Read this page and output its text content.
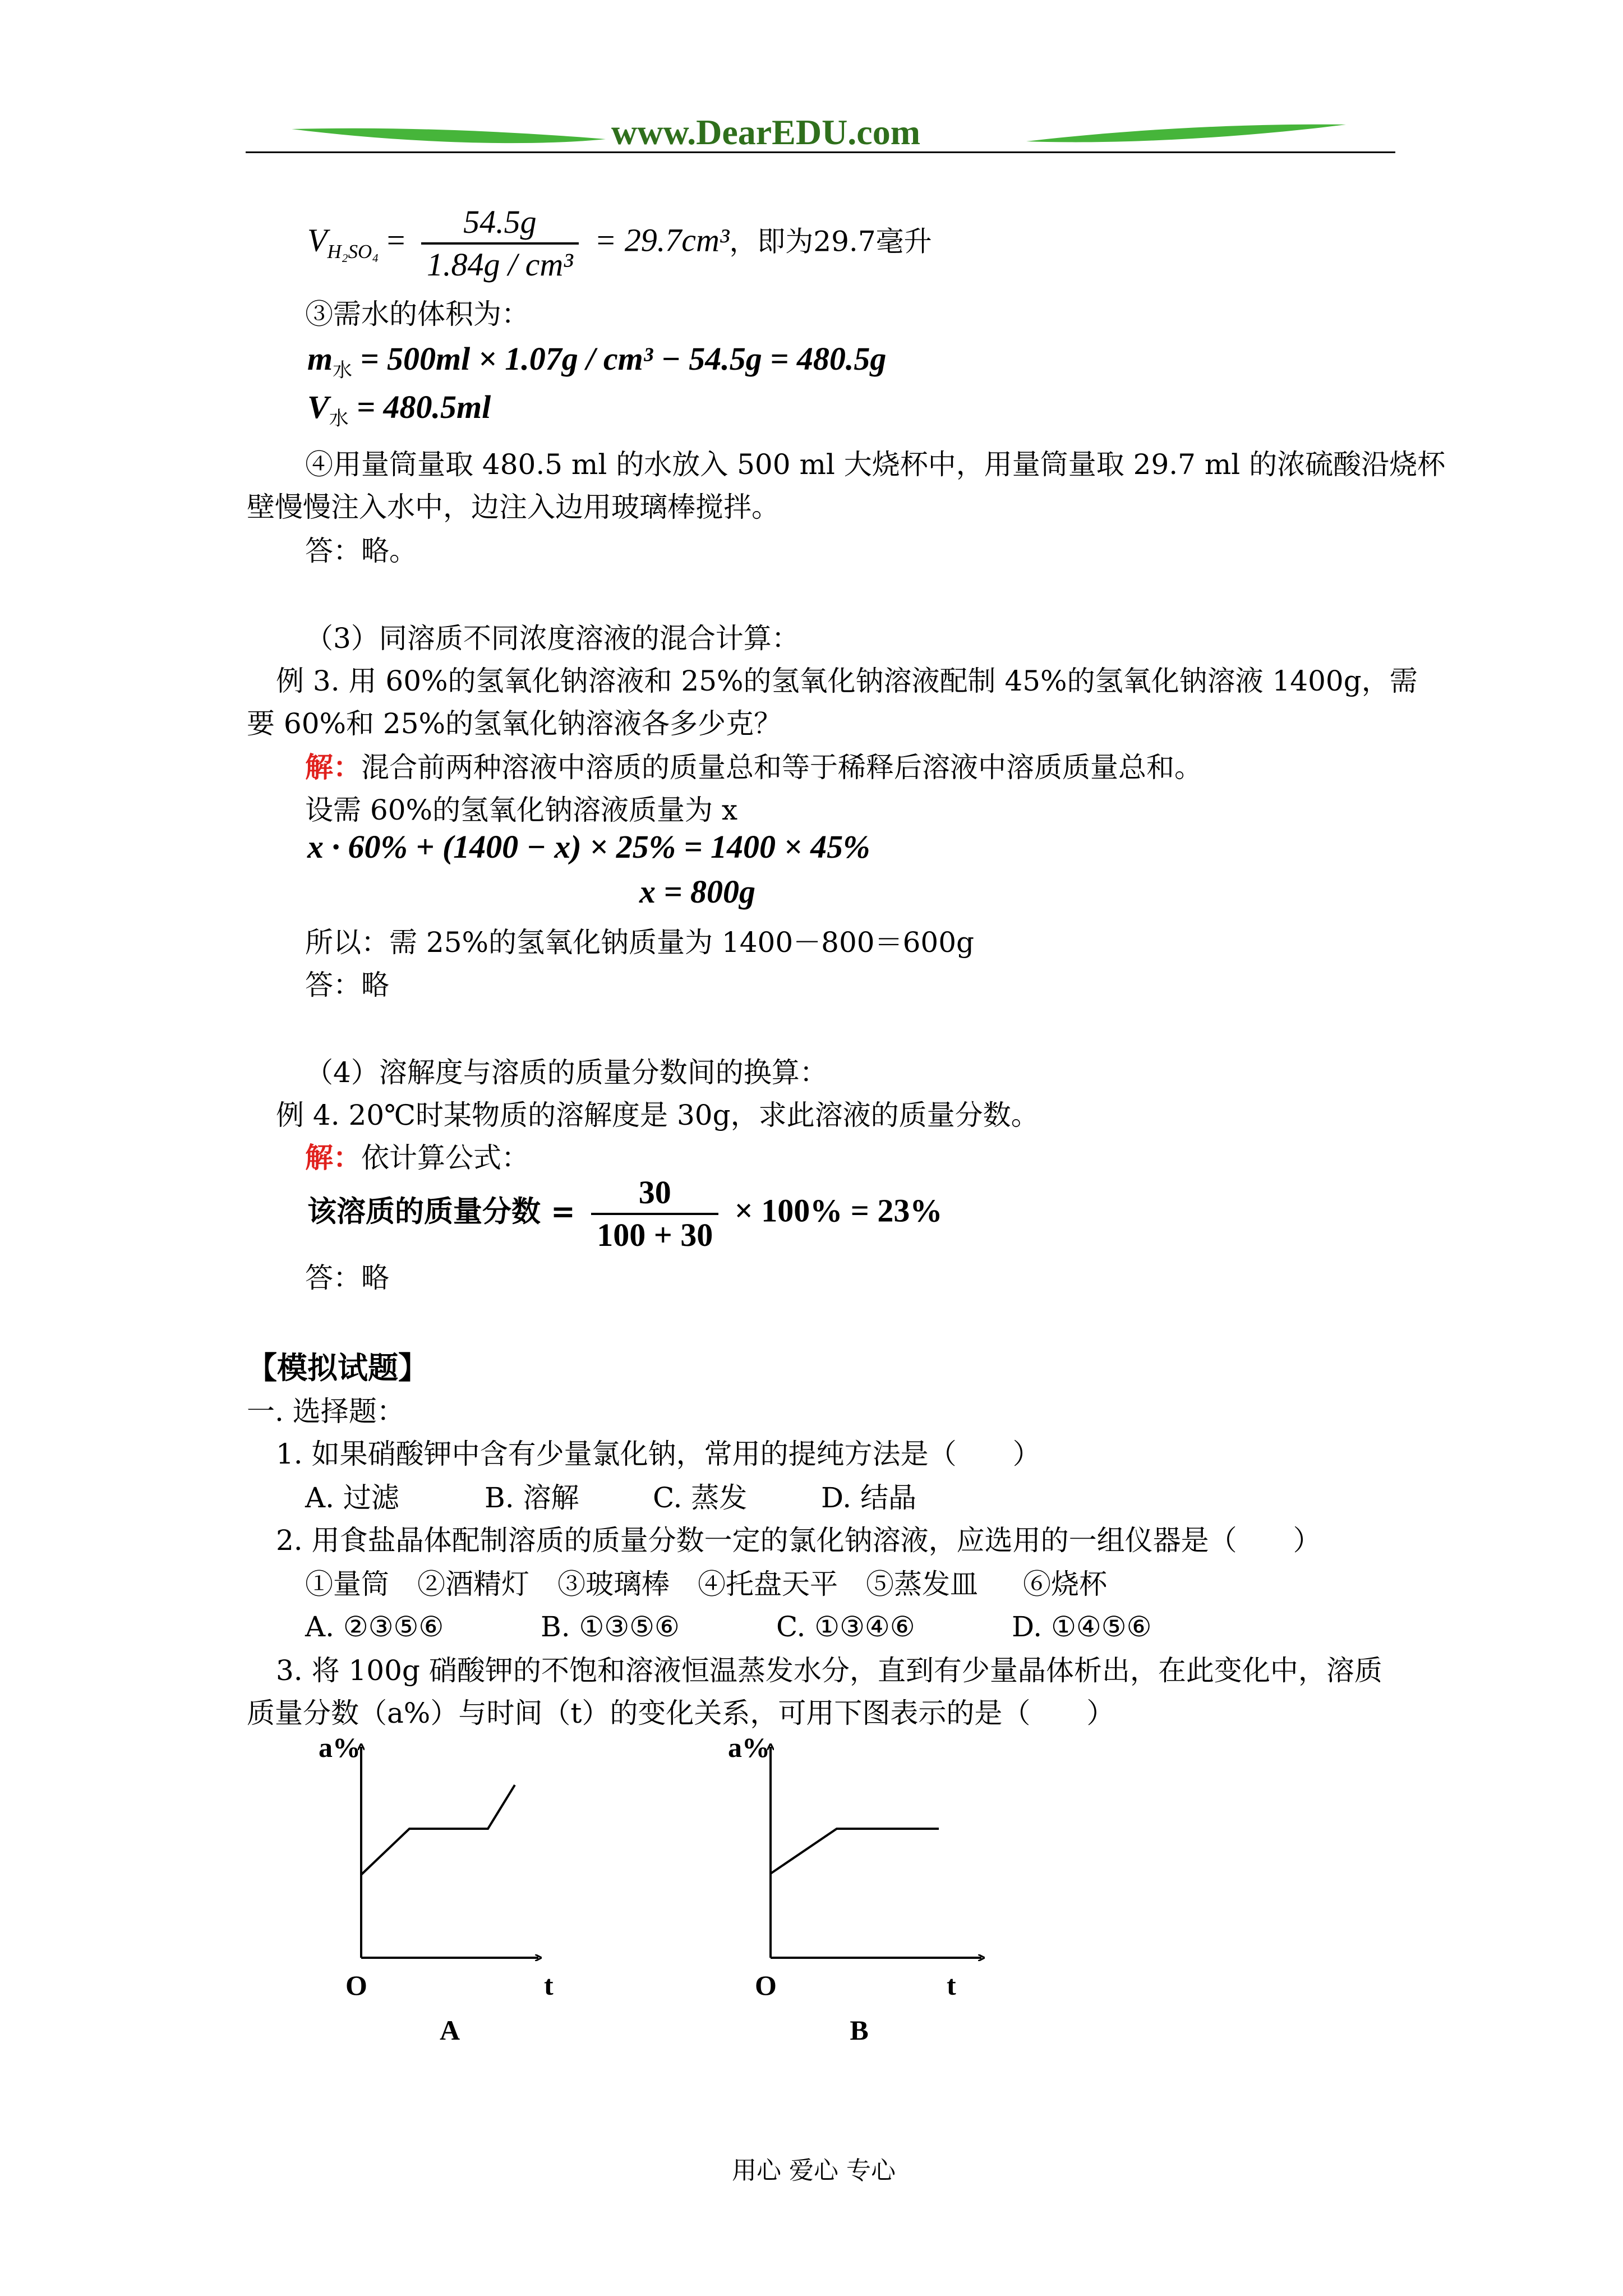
www.DearEDU.com
$V_{H_2SO_4} = \frac{54.5g}{\text{1.84g / cm³}} = 29.7cm^3$，即为29.7毫升
③需水的体积为：
$m_水 = 500ml \times 1.07g / cm^3 - 54.5g = 480.5g$
$V_水 = 480.5ml$
④用量筒量取 480.5 ml 的水放入 500 ml 大烧杯中，用量筒量取 29.7 ml 的浓硫酸沿烧杯
壁慢慢注入水中，边注入边用玻璃棒搅拌。
答：略。
（3）同溶质不同浓度溶液的混合计算：
例 3. 用 60%的氢氧化钠溶液和 25%的氢氧化钠溶液配制 45%的氢氧化钠溶液 1400g，需
要 60%和 25%的氢氧化钠溶液各多少克？
解：混合前两种溶液中溶质的质量总和等于稀释后溶液中溶质质量总和。
设需 60%的氢氧化钠溶液质量为 x
x · 60% + (1400 − x) × 25% = 1400 × 45%
x = 800g
所以：需 25%的氢氧化钠质量为 1400－800＝600g
答：略
（4）溶解度与溶质的质量分数间的换算：
例 4. 20℃时某物质的溶解度是 30g，求此溶液的质量分数。
解：依计算公式：
该溶质的质量分数 = $\frac{30}{100 + 30} \times 100\% = 23\%$
答：略
【模拟试题】
一. 选择题：
1. 如果硝酸钾中含有少量氯化钠，常用的提纯方法是（　　）
A. 过滤	B. 溶解	C. 蒸发	D. 结晶
2. 用食盐晶体配制溶质的质量分数一定的氯化钠溶液，应选用的一组仪器是（　　）
①量筒 ②酒精灯 ③玻璃棒 ④托盘天平 ⑤蒸发皿 ⑥烧杯
A. ②③⑤⑥	B. ①③⑤⑥	C. ①③④⑥	D. ①④⑤⑥
3. 将 100g 硝酸钾的不饱和溶液恒温蒸发水分，直到有少量晶体析出，在此变化中，溶质
质量分数（a%）与时间（t）的变化关系，可用下图表示的是（　　）
a%
O	t
A
a%
O	t
B
用心 爱心 专心
